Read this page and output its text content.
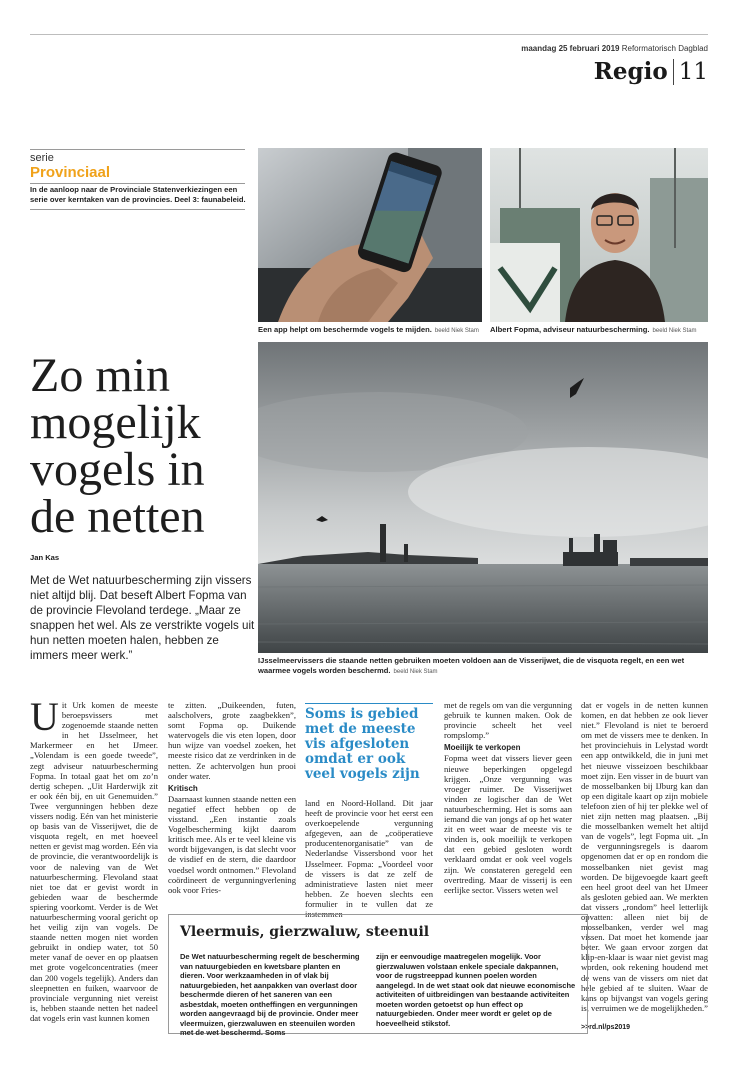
maandag 25 februari 2019 Reformatorisch Dagblad
Regio 11
serie
Provinciaal
In de aanloop naar de Provinciale Statenverkiezingen een serie over kerntaken van de provincies. Deel 3: faunabeleid.
Een app helpt om beschermde vogels te mijden. beeld Niek Stam	Albert Fopma, adviseur natuurbescherming. beeld Niek Stam
Zo min mogelijk vogels in de netten
IJsselmeervissers die staande netten gebruiken moeten voldoen aan de Visserijwet, die de visquota regelt, en een wet waarmee vogels worden beschermd. beeld Niek Stam
Jan Kas
Met de Wet natuurbescherming zijn vissers niet altijd blij. Dat beseft Albert Fopma van de provincie Flevoland terdege. „Maar ze snappen het wel. Als ze verstrikte vogels uit hun netten moeten halen, hebben ze immers meer werk.”
Uit Urk komen de meeste beroepsvissers met zogenoemde staande netten in het IJsselmeer, het Markermeer en het IJmeer. „Volendam is een goede tweede”, zegt adviseur natuurbescherming Fopma. In totaal gaat het om zo’n dertig schepen. „Uit Harderwijk zit er ook één bij, en uit Genemuiden.” Twee vergunningen hebben deze vissers nodig. Eén van het ministerie op basis van de Visserijwet, die de visquota regelt, en met hoeveel netten er gevist mag worden. Eén via de provincie, die verantwoordelijk is voor de naleving van de Wet natuurbescherming. Flevoland staat niet toe dat er gevist wordt in gebieden waar de beschermde spiering voorkomt. Verder is de Wet natuurbescherming vooral gericht op het veilig zijn van vogels. De staande netten mogen niet worden gebruikt in ondiep water, tot 50 meter vanaf de oever en op plaatsen met grote vogelconcentraties (meer dan 200 vogels tegelijk). Anders dan sleepnetten en fuiken, waarvoor de provinciale vergunning niet vereist is, hebben staande netten het nadeel dat vogels erin vast kunnen komen

te zitten. „Duikeenden, futen, aalscholvers, grote zaagbekken”, somt Fopma op. Duikende watervogels die vis eten lopen, door hun wijze van voedsel zoeken, het meeste risico dat ze verdrinken in de netten. Ze achtervolgen hun prooi onder water.

Kritisch

Daarnaast kunnen staande netten een negatief effect hebben op de visstand. „Een instantie zoals Vogelbescherming kijkt daarom kritisch mee. Als er te veel kleine vis wordt bijgevangen, is dat slecht voor de visdief en de stern, die daardoor voedsel wordt ontnomen.” Flevoland coördineert de vergunningverlening ook voor Fries-

Soms is gebied met de meeste vis afgesloten omdat er ook veel vogels zijn

land en Noord-Holland. Dit jaar heeft de provincie voor het eerst een overkoepelende vergunning afgegeven, aan de „coöperatieve producentenorganisatie” van de Nederlandse Vissersbond voor het IJsselmeer. Fopma: „Voordeel voor de vissers is dat ze zelf de administratieve lasten niet meer hebben. Ze hoeven slechts een formulier in te vullen dat ze instemmen

met de regels om van die vergunning gebruik te kunnen maken. Ook de provincie scheelt het veel rompslomp.”

Moeilijk te verkopen

Fopma weet dat vissers liever geen nieuwe beperkingen opgelegd krijgen. „Onze vergunning was vroeger ruimer. De Visserijwet vinden ze logischer dan de Wet natuurbescherming. Het is soms aan iemand die van jongs af op het water zit en weet waar de meeste vis te vinden is, ook moeilijk te verkopen dat een gebied gesloten wordt verklaard omdat er ook veel vogels zijn. We constateren geregeld een overtreding. Maar de visserij is een eerlijke sector. Vissers weten wel

dat er vogels in de netten kunnen komen, en dat hebben ze ook liever niet.” Flevoland is niet te beroerd om met de vissers mee te denken. In het provinciehuis in Lelystad wordt een app ontwikkeld, die in juni met het nieuwe visseizoen beschikbaar moet zijn. Een visser in de buurt van de mosselbanken bij IJburg kan dan op een digitale kaart op zijn mobiele telefoon zien of hij ter plekke wel of niet zijn netten mag plaatsen. „Bij die mosselbanken wemelt het altijd van de vogels”, legt Fopma uit. „In de vergunningsregels is daarom opgenomen dat er op en rondom die mosselbanken niet gevist mag worden. De bijgevoegde kaart geeft een heel groot deel van het IJmeer als gesloten gebied aan. We merkten dat vissers „rondom” heel letterlijk opvatten: alleen niet bij de mosselbanken, verder wel mag vissen. Dat moet het komende jaar beter. We gaan ervoor zorgen dat klip-en-klaar is waar niet gevist mag worden, ook rekening houdend met de wens van de vissers om niet dat hele gebied af te sluiten. Waar de kans op bijvangst van vogels gering is, verruimen we de mogelijkheden.”

>>rd.nl/ps2019
Vleermuis, gierzwaluw, steenuil
De Wet natuurbescherming regelt de bescherming van natuurgebieden en kwetsbare planten en dieren. Voor werkzaamheden in of vlak bij natuurgebieden, het aanpakken van overlast door beschermde dieren of het saneren van een asbestdak, moeten ontheffingen en vergunningen worden aangevraagd bij de provincie. Onder meer vleermuizen, gierzwaluwen en steenuilen worden met de wet beschermd. Soms
zijn er eenvoudige maatregelen mogelijk. Voor gierzwaluwen volstaan enkele speciale dakpannen, voor de rugstreeppad kunnen poelen worden aangelegd. In de wet staat ook dat nieuwe economische activiteiten of uitbreidingen van bestaande activiteiten moeten worden getoetst op hun effect op natuurgebieden. Onder meer wordt er gelet op de hoeveelheid stikstof.
